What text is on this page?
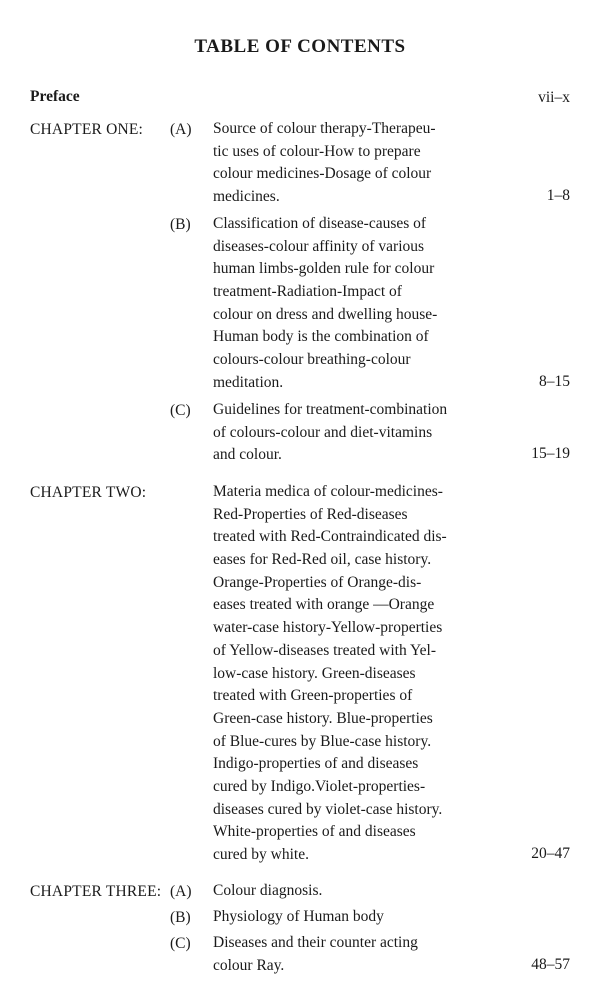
TABLE OF CONTENTS
Preface	vii–x
CHAPTER ONE: (A) Source of colour therapy-Therapeu-
tic uses of colour-How to prepare
colour medicines-Dosage of colour
medicines.	1–8
(B) Classification of disease-causes of
diseases-colour affinity of various
human limbs-golden rule for colour
treatment-Radiation-Impact of
colour on dress and dwelling house-
Human body is the combination of
colours-colour breathing-colour
meditation.	8–15
(C) Guidelines for treatment-combination
of colours-colour and diet-vitamins
and colour.	15–19
CHAPTER TWO:	Materia medica of colour-medicines-
Red-Properties of Red-diseases
treated with Red-Contraindicated dis-
eases for Red-Red oil, case history.
Orange-Properties of Orange-dis-
eases treated with orange —Orange
water-case history-Yellow-properties
of Yellow-diseases treated with Yel-
low-case history. Green-diseases
treated with Green-properties of
Green-case history. Blue-properties
of Blue-cures by Blue-case history.
Indigo-properties of and diseases
cured by Indigo.Violet-properties-
diseases cured by violet-case history.
White-properties of and diseases
cured by white.	20–47
CHAPTER THREE: (A) Colour diagnosis.
(B) Physiology of Human body
(C) Diseases and their counter acting
colour Ray.	48–57
